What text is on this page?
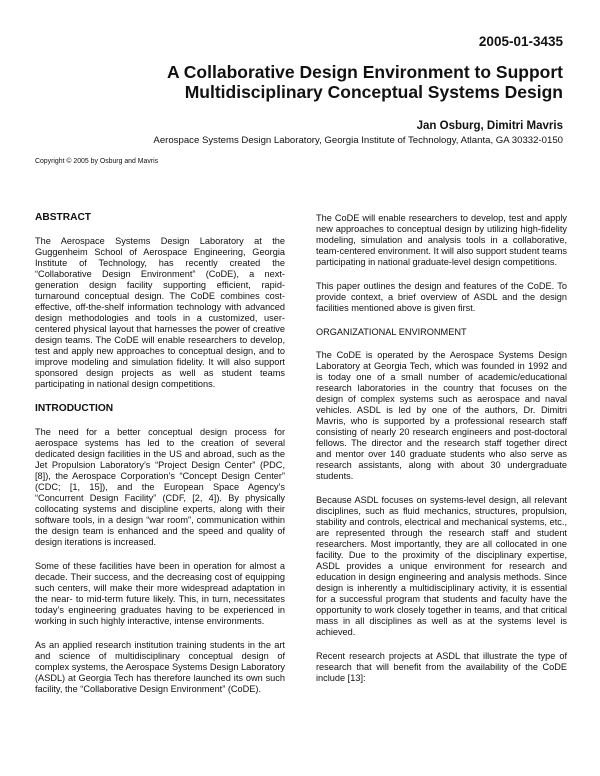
2005-01-3435

A Collaborative Design Environment to Support Multidisciplinary Conceptual Systems Design

Jan Osburg, Dimitri Mavris

Aerospace Systems Design Laboratory, Georgia Institute of Technology, Atlanta, GA 30332-0150

Copyright © 2005 by Osburg and Mavris

ABSTRACT

The Aerospace Systems Design Laboratory at the Guggenheim School of Aerospace Engineering, Georgia Institute of Technology, has recently created the “Collaborative Design Environment” (CoDE), a next-generation design facility supporting efficient, rapid-turnaround conceptual design. The CoDE combines cost-effective, off-the-shelf information technology with advanced design methodologies and tools in a customized, user-centered physical layout that harnesses the power of creative design teams. The CoDE will enable researchers to develop, test and apply new approaches to conceptual design, and to improve modeling and simulation fidelity. It will also support sponsored design projects as well as student teams participating in national design competitions.

INTRODUCTION

The need for a better conceptual design process for aerospace systems has led to the creation of several dedicated design facilities in the US and abroad, such as the Jet Propulsion Laboratory’s “Project Design Center” (PDC, [8]), the Aerospace Corporation’s “Concept Design Center” (CDC; [1, 15]), and the European Space Agency’s “Concurrent Design Facility” (CDF, [2, 4]). By physically collocating systems and discipline experts, along with their software tools, in a design “war room”, communication within the design team is enhanced and the speed and quality of design iterations is increased.

Some of these facilities have been in operation for almost a decade. Their success, and the decreasing cost of equipping such centers, will make their more widespread adaptation in the near- to mid-term future likely. This, in turn, necessitates today’s engineering graduates having to be experienced in working in such highly interactive, intense environments.

As an applied research institution training students in the art and science of multidisciplinary conceptual design of complex systems, the Aerospace Systems Design Laboratory (ASDL) at Georgia Tech has therefore launched its own such facility, the “Collaborative Design Environment” (CoDE).

The CoDE will enable researchers to develop, test and apply new approaches to conceptual design by utilizing high-fidelity modeling, simulation and analysis tools in a collaborative, team-centered environment. It will also support student teams participating in national graduate-level design competitions.

This paper outlines the design and features of the CoDE. To provide context, a brief overview of ASDL and the design facilities mentioned above is given first.

ORGANIZATIONAL ENVIRONMENT

The CoDE is operated by the Aerospace Systems Design Laboratory at Georgia Tech, which was founded in 1992 and is today one of a small number of academic/educational research laboratories in the country that focuses on the design of complex systems such as aerospace and naval vehicles. ASDL is led by one of the authors, Dr. Dimitri Mavris, who is supported by a professional research staff consisting of nearly 20 research engineers and post-doctoral fellows. The director and the research staff together direct and mentor over 140 graduate students who also serve as research assistants, along with about 30 undergraduate students.

Because ASDL focuses on systems-level design, all relevant disciplines, such as fluid mechanics, structures, propulsion, stability and controls, electrical and mechanical systems, etc., are represented through the research staff and student researchers. Most importantly, they are all collocated in one facility. Due to the proximity of the disciplinary expertise, ASDL provides a unique environment for research and education in design engineering and analysis methods. Since design is inherently a multidisciplinary activity, it is essential for a successful program that students and faculty have the opportunity to work closely together in teams, and that critical mass in all disciplines as well as at the systems level is achieved.

Recent research projects at ASDL that illustrate the type of research that will benefit from the availability of the CoDE include [13]:
